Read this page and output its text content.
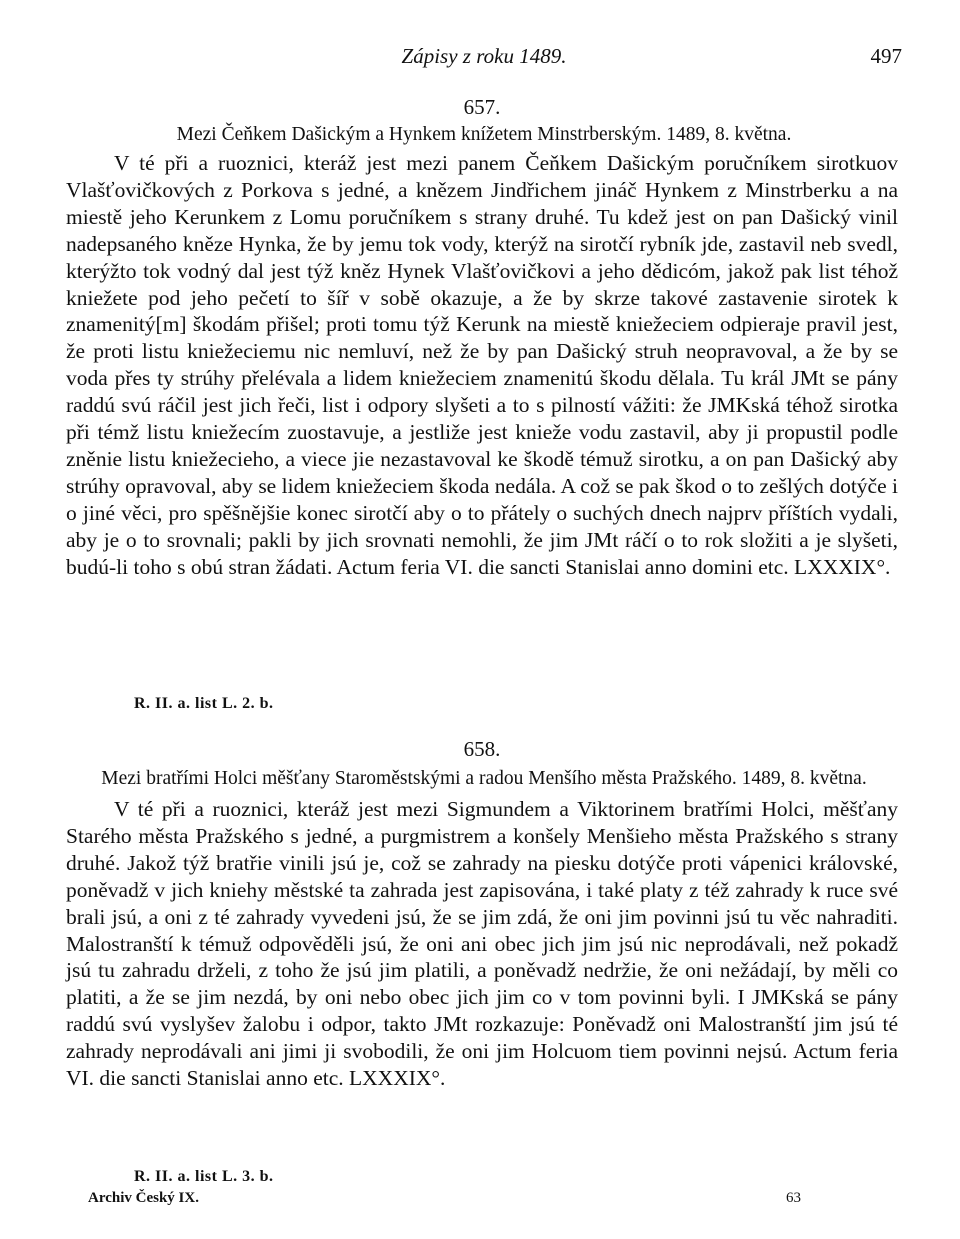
Zápisy z roku 1489.	497
657.
Mezi Čeňkem Dašickým a Hynkem knížetem Minstrberským. 1489, 8. května.

V té při a ruoznici, kteráž jest mezi panem Čeňkem Dašickým poručníkem sirotkuov Vlašťovičkových z Porkova s jedné, a knězem Jindřichem jináč Hynkem z Minstrberku a na miestě jeho Kerunkem z Lomu poručníkem s strany druhé. Tu kdež jest on pan Dašický vinil nadepsaného kněze Hynka, že by jemu tok vody, kterýž na sirotčí rybník jde, zastavil neb svedl, kterýžto tok vodný dal jest týž kněz Hynek Vlašťovičkovi a jeho dědicóm, jakož pak list téhož kniežete pod jeho pečetí to šíř v sobě okazuje, a že by skrze takové zastavenie sirotek k znamenitý[m] škodám přišel; proti tomu týž Kerunk na miestě kniežeciem odpieraje pravil jest, že proti listu kniežeciemu nic nemluví, než že by pan Dašický struh neopravoval, a že by se voda přes ty strúhy přelévala a lidem kniežeciem znamenitú škodu dělala. Tu král JMt se pány raddú svú ráčil jest jich řeči, list i odpory slyšeti a to s pilností vážiti: že JMKská téhož sirotka při témž listu kniežecím zuostavuje, a jestliže jest knieže vodu zastavil, aby ji propustil podle zněnie listu kniežecieho, a viece jie nezastavoval ke škodě témuž sirotku, a on pan Dašický aby strúhy opravoval, aby se lidem kniežeciem škoda nedála. A což se pak škod o to zešlých dotýče i o jiné věci, pro spěšnějšie konec sirotčí aby o to přátely o suchých dnech najprv příštích vydali, aby je o to srovnali; pakli by jich srovnati nemohli, že jim JMt ráčí o to rok složiti a je slyšeti, budú-li toho s obú stran žádati. Actum feria VI. die sancti Stanislai anno domini etc. LXXXIX°.

R. II. a. list L. 2. b.
658.
Mezi bratřími Holci měšťany Staroměstskými a radou Menšího města Pražského. 1489, 8. května.

V té při a ruoznici, kteráž jest mezi Sigmundem a Viktorinem bratřími Holci, měšťany Starého města Pražského s jedné, a purgmistrem a konšely Menšieho města Pražského s strany druhé. Jakož týž bratřie vinili jsú je, což se zahrady na piesku dotýče proti vápenici královské, poněvadž v jich kniehy městské ta zahrada jest zapisována, i také platy z též zahrady k ruce své brali jsú, a oni z té zahrady vyvedeni jsú, že se jim zdá, že oni jim povinni jsú tu věc nahraditi. Malostranští k témuž odpověděli jsú, že oni ani obec jich jim jsú nic neprodávali, než pokadž jsú tu zahradu drželi, z toho že jsú jim platili, a poněvadž nedržie, že oni nežádají, by měli co platiti, a že se jim nezdá, by oni nebo obec jich jim co v tom povinni byli. I JMKská se pány raddú svú vyslyšev žalobu i odpor, takto JMt rozkazuje: Poněvadž oni Malostranští jim jsú té zahrady neprodávali ani jimi ji svobodili, že oni jim Holcuom tiem povinni nejsú. Actum feria VI. die sancti Stanislai anno etc. LXXXIX°.

R. II. a. list L. 3. b.
Archiv Český IX.	63
